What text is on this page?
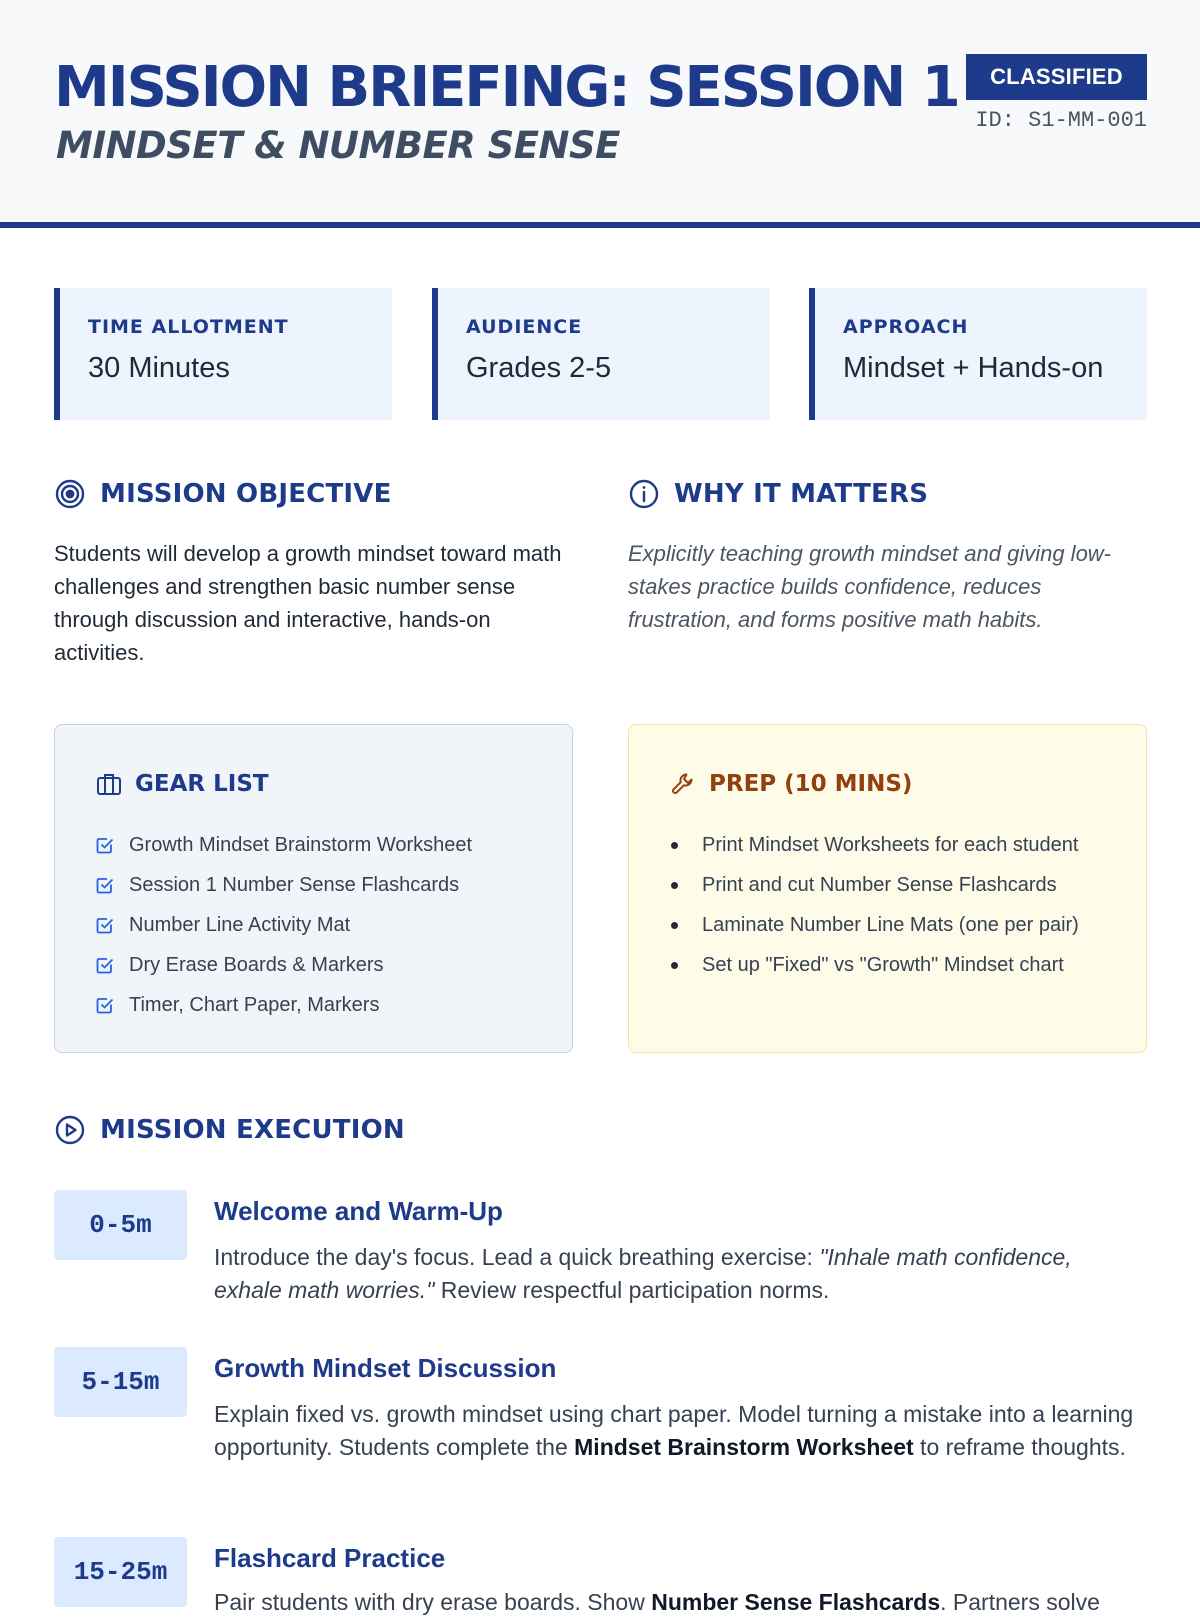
MISSION BRIEFING: SESSION 1
MINDSET & NUMBER SENSE
CLASSIFIED
ID: S1-MM-001
TIME ALLOTMENT
30 Minutes
AUDIENCE
Grades 2-5
APPROACH
Mindset + Hands-on
MISSION OBJECTIVE
Students will develop a growth mindset toward math challenges and strengthen basic number sense through discussion and interactive, hands-on activities.
WHY IT MATTERS
Explicitly teaching growth mindset and giving low-stakes practice builds confidence, reduces frustration, and forms positive math habits.
GEAR LIST
Growth Mindset Brainstorm Worksheet
Session 1 Number Sense Flashcards
Number Line Activity Mat
Dry Erase Boards & Markers
Timer, Chart Paper, Markers
PREP (10 MINS)
Print Mindset Worksheets for each student
Print and cut Number Sense Flashcards
Laminate Number Line Mats (one per pair)
Set up "Fixed" vs "Growth" Mindset chart
MISSION EXECUTION
0-5m	Welcome and Warm-Up
Introduce the day's focus. Lead a quick breathing exercise: "Inhale math confidence, exhale math worries." Review respectful participation norms.
5-15m	Growth Mindset Discussion
Explain fixed vs. growth mindset using chart paper. Model turning a mistake into a learning opportunity. Students complete the Mindset Brainstorm Worksheet to reframe thoughts.
15-25m	Flashcard Practice
Pair students with dry erase boards. Show Number Sense Flashcards. Partners solve
